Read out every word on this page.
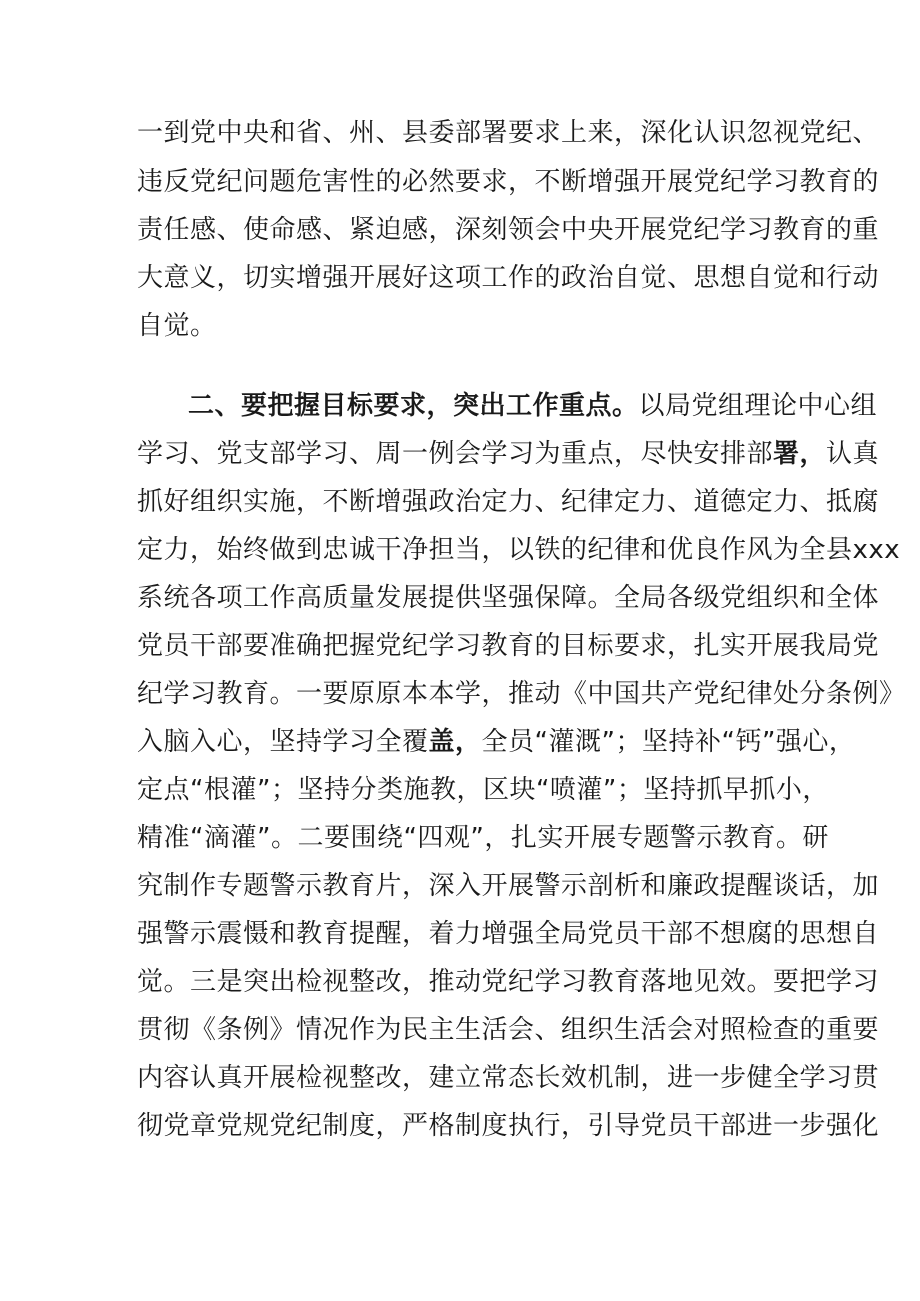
一到党中央和省、州、县委部署要求上来，深化认识忽视党纪、
违反党纪问题危害性的必然要求，不断增强开展党纪学习教育的
责任感、使命感、紧迫感，深刻领会中央开展党纪学习教育的重
大意义，切实增强开展好这项工作的政治自觉、思想自觉和行动
自觉。
二、要把握目标要求，突出工作重点。以局党组理论中心组
学习、党支部学习、周一例会学习为重点，尽快安排部署，认真
抓好组织实施，不断增强政治定力、纪律定力、道德定力、抵腐
定力，始终做到忠诚干净担当，以铁的纪律和优良作风为全县xxx
系统各项工作高质量发展提供坚强保障。全局各级党组织和全体
党员干部要准确把握党纪学习教育的目标要求，扎实开展我局党
纪学习教育。一要原原本本学，推动《中国共产党纪律处分条例》
入脑入心，坚持学习全覆盖，全员“灌溉”；坚持补“钙”强心，
定点“根灌”；坚持分类施教，区块“喷灌”；坚持抓早抓小，
精准“滴灌”。二要围绕“四观”，扎实开展专题警示教育。研
究制作专题警示教育片，深入开展警示剖析和廉政提醒谈话，加
强警示震慑和教育提醒，着力增强全局党员干部不想腐的思想自
觉。三是突出检视整改，推动党纪学习教育落地见效。要把学习
贯彻《条例》情况作为民主生活会、组织生活会对照检查的重要
内容认真开展检视整改，建立常态长效机制，进一步健全学习贯
彻党章党规党纪制度，严格制度执行，引导党员干部进一步强化
